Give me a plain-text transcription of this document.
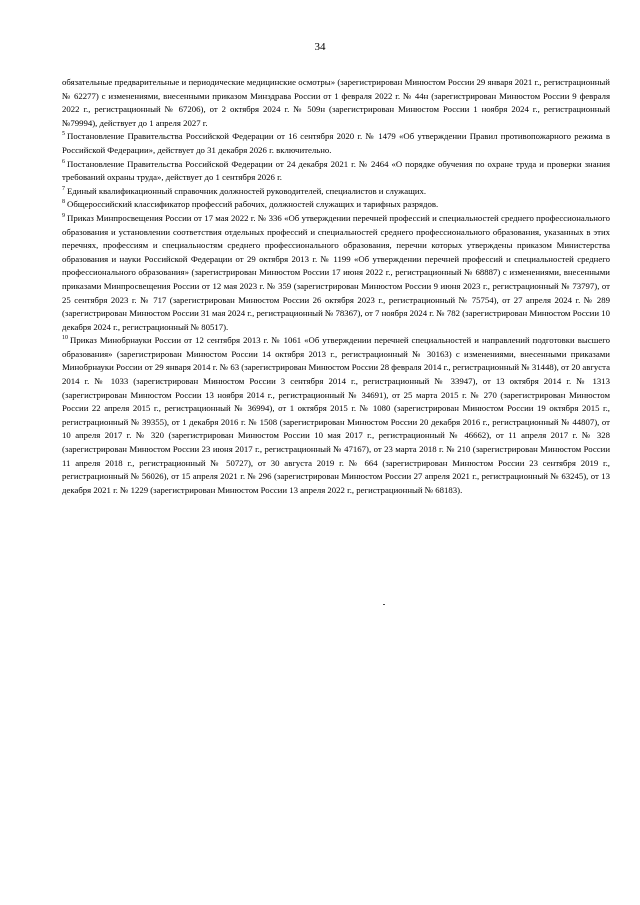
34

обязательные предварительные и периодические медицинские осмотры» (зарегистрирован Минюстом России 29 января 2021 г., регистрационный № 62277) с изменениями, внесенными приказом Минздрава России от 1 февраля 2022 г. № 44н (зарегистрирован Минюстом России 9 февраля 2022 г., регистрационный № 67206), от 2 октября 2024 г. № 509н (зарегистрирован Минюстом России 1 ноября 2024 г., регистрационный №79994), действует до 1 апреля 2027 г.

$^5$ Постановление Правительства Российской Федерации от 16 сентября 2020 г. № 1479 «Об утверждении Правил противопожарного режима в Российской Федерации», действует до 31 декабря 2026 г. включительно.

$^6$ Постановление Правительства Российской Федерации от 24 декабря 2021 г. № 2464 «О порядке обучения по охране труда и проверки знания требований охраны труда», действует до 1 сентября 2026 г.

$^7$ Единый квалификационный справочник должностей руководителей, специалистов и служащих.

$^8$ Общероссийский классификатор профессий рабочих, должностей служащих и тарифных разрядов.

$^9$ Приказ Минпросвещения России от 17 мая 2022 г. № 336 «Об утверждении перечней профессий и специальностей среднего профессионального образования и установлении соответствия отдельных профессий и специальностей среднего профессионального образования, указанных в этих перечнях, профессиям и специальностям среднего профессионального образования, перечни которых утверждены приказом Министерства образования и науки Российской Федерации от 29 октября 2013 г. № 1199 «Об утверждении перечней профессий и специальностей среднего профессионального образования» (зарегистрирован Минюстом России 17 июня 2022 г., регистрационный № 68887) с изменениями, внесенными приказами Минпросвещения России от 12 мая 2023 г. № 359 (зарегистрирован Минюстом России 9 июня 2023 г., регистрационный № 73797), от 25 сентября 2023 г. № 717 (зарегистрирован Минюстом России 26 октября 2023 г., регистрационный № 75754), от 27 апреля 2024 г. № 289 (зарегистрирован Минюстом России 31 мая 2024 г., регистрационный № 78367), от 7 ноября 2024 г. № 782 (зарегистрирован Минюстом России 10 декабря 2024 г., регистрационный № 80517).

$^{10}$ Приказ Минобрнауки России от 12 сентября 2013 г. № 1061 «Об утверждении перечней специальностей и направлений подготовки высшего образования» (зарегистрирован Минюстом России 14 октября 2013 г., регистрационный № 30163) с изменениями, внесенными приказами Минобрнауки России от 29 января 2014 г. № 63 (зарегистрирован Минюстом России 28 февраля 2014 г., регистрационный № 31448), от 20 августа 2014 г. № 1033 (зарегистрирован Минюстом России 3 сентября 2014 г., регистрационный № 33947), от 13 октября 2014 г. № 1313 (зарегистрирован Минюстом России 13 ноября 2014 г., регистрационный № 34691), от 25 марта 2015 г. № 270 (зарегистрирован Минюстом России 22 апреля 2015 г., регистрационный № 36994), от 1 октября 2015 г. № 1080 (зарегистрирован Минюстом России 19 октября 2015 г., регистрационный № 39355), от 1 декабря 2016 г. № 1508 (зарегистрирован Минюстом России 20 декабря 2016 г., регистрационный № 44807), от 10 апреля 2017 г. № 320 (зарегистрирован Минюстом России 10 мая 2017 г., регистрационный № 46662), от 11 апреля 2017 г. № 328 (зарегистрирован Минюстом России 23 июня 2017 г., регистрационный № 47167), от 23 марта 2018 г. № 210 (зарегистрирован Минюстом России 11 апреля 2018 г., регистрационный № 50727), от 30 августа 2019 г. № 664 (зарегистрирован Минюстом России 23 сентября 2019 г., регистрационный № 56026), от 15 апреля 2021 г. № 296 (зарегистрирован Минюстом России 27 апреля 2021 г., регистрационный № 63245), от 13 декабря 2021 г. № 1229 (зарегистрирован Минюстом России 13 апреля 2022 г., регистрационный № 68183).
